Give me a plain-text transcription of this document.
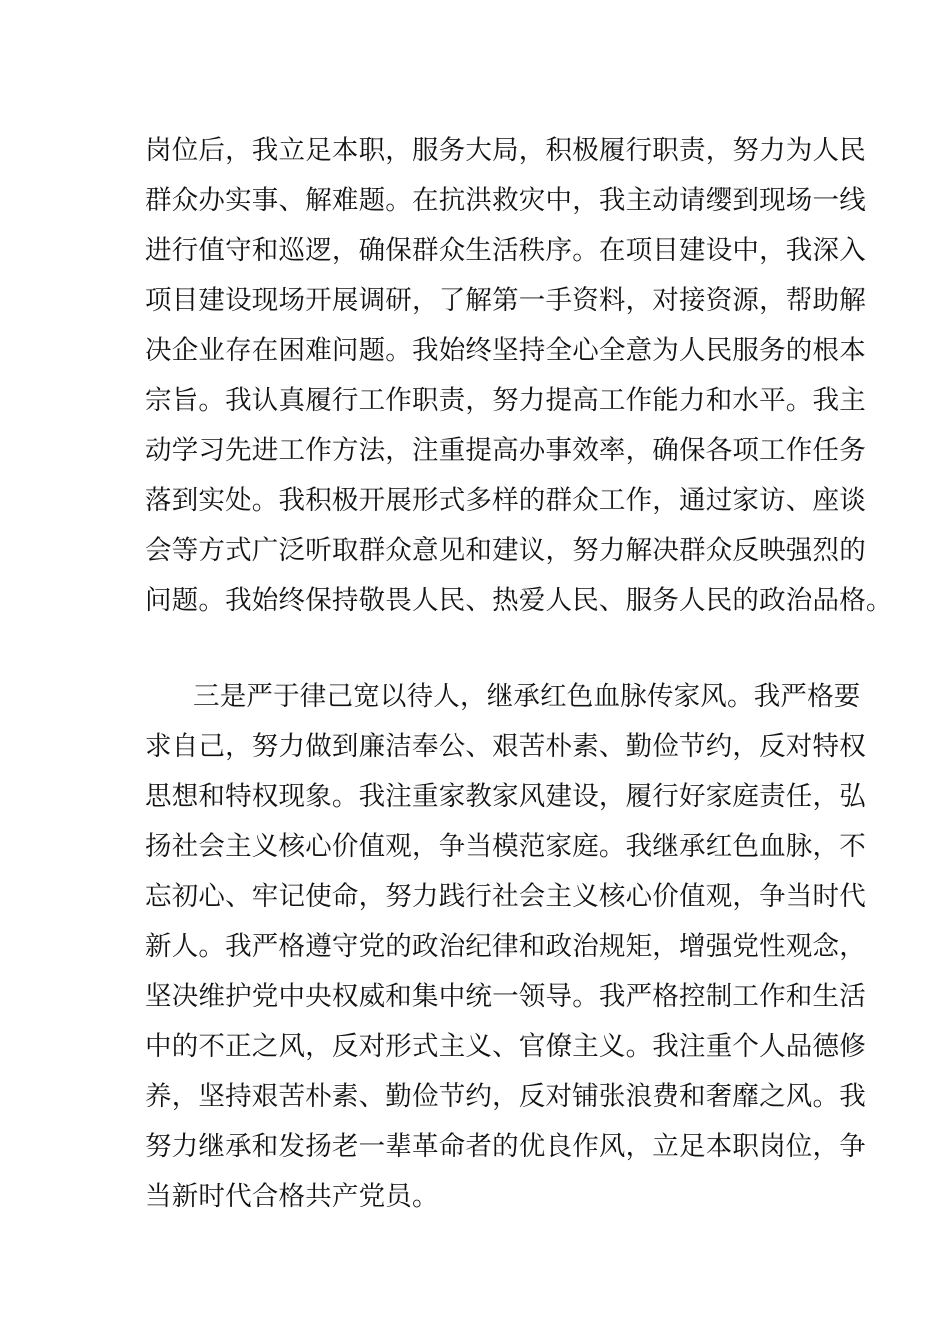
岗位后，我立足本职，服务大局，积极履行职责，努力为人民
群众办实事、解难题。在抗洪救灾中，我主动请缨到现场一线
进行值守和巡逻，确保群众生活秩序。在项目建设中，我深入
项目建设现场开展调研，了解第一手资料，对接资源，帮助解
决企业存在困难问题。我始终坚持全心全意为人民服务的根本
宗旨。我认真履行工作职责，努力提高工作能力和水平。我主
动学习先进工作方法，注重提高办事效率，确保各项工作任务
落到实处。我积极开展形式多样的群众工作，通过家访、座谈
会等方式广泛听取群众意见和建议，努力解决群众反映强烈的
问题。我始终保持敬畏人民、热爱人民、服务人民的政治品格。
三是严于律己宽以待人，继承红色血脉传家风。我严格要
求自己，努力做到廉洁奉公、艰苦朴素、勤俭节约，反对特权
思想和特权现象。我注重家教家风建设，履行好家庭责任，弘
扬社会主义核心价值观，争当模范家庭。我继承红色血脉，不
忘初心、牢记使命，努力践行社会主义核心价值观，争当时代
新人。我严格遵守党的政治纪律和政治规矩，增强党性观念，
坚决维护党中央权威和集中统一领导。我严格控制工作和生活
中的不正之风，反对形式主义、官僚主义。我注重个人品德修
养，坚持艰苦朴素、勤俭节约，反对铺张浪费和奢靡之风。我
努力继承和发扬老一辈革命者的优良作风，立足本职岗位，争
当新时代合格共产党员。
